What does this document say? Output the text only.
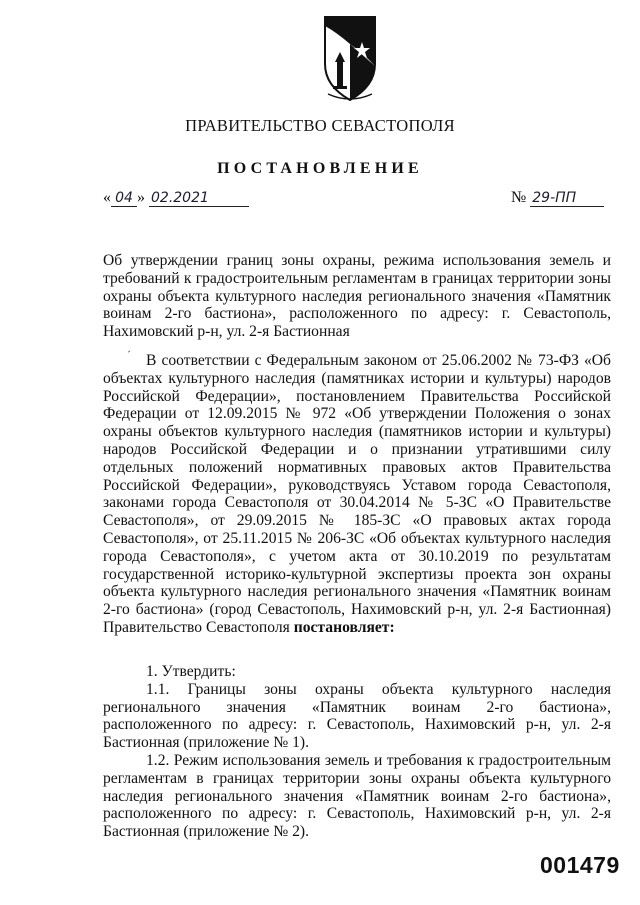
ПРАВИТЕЛЬСТВО СЕВАСТОПОЛЯ
ПОСТАНОВЛЕНИЕ
« 04 » 02.2021	№ 29-ПП
Об утверждении границ зоны охраны, режима использования земель и требований к градостроительным регламентам в границах территории зоны охраны объекта культурного наследия регионального значения «Памятник воинам 2-го бастиона», расположенного по адресу: г. Севастополь, Нахимовский р-н, ул. 2-я Бастионная
ˊ В соответствии с Федеральным законом от 25.06.2002 № 73-ФЗ «Об объектах культурного наследия (памятниках истории и культуры) народов Российской Федерации», постановлением Правительства Российской Федерации от 12.09.2015 № 972 «Об утверждении Положения о зонах охраны объектов культурного наследия (памятников истории и культуры) народов Российской Федерации и о признании утратившими силу отдельных положений нормативных правовых актов Правительства Российской Федерации», руководствуясь Уставом города Севастополя, законами города Севастополя от 30.04.2014 № 5-ЗС «О Правительстве Севастополя», от 29.09.2015 № 185-ЗС «О правовых актах города Севастополя», от 25.11.2015 № 206-ЗС «Об объектах культурного наследия города Севастополя», с учетом акта от 30.10.2019 по результатам государственной историко-культурной экспертизы проекта зон охраны объекта культурного наследия регионального значения «Памятник воинам 2-го бастиона» (город Севастополь, Нахимовский р-н, ул. 2-я Бастионная) Правительство Севастополя постановляет:
1. Утвердить:
1.1. Границы зоны охраны объекта культурного наследия регионального значения «Памятник воинам 2-го бастиона», расположенного по адресу: г. Севастополь, Нахимовский р-н, ул. 2-я Бастионная (приложение № 1).
1.2. Режим использования земель и требования к градостроительным регламентам в границах территории зоны охраны объекта культурного наследия регионального значения «Памятник воинам 2-го бастиона», расположенного по адресу: г. Севастополь, Нахимовский р-н, ул. 2-я Бастионная (приложение № 2).
001479
